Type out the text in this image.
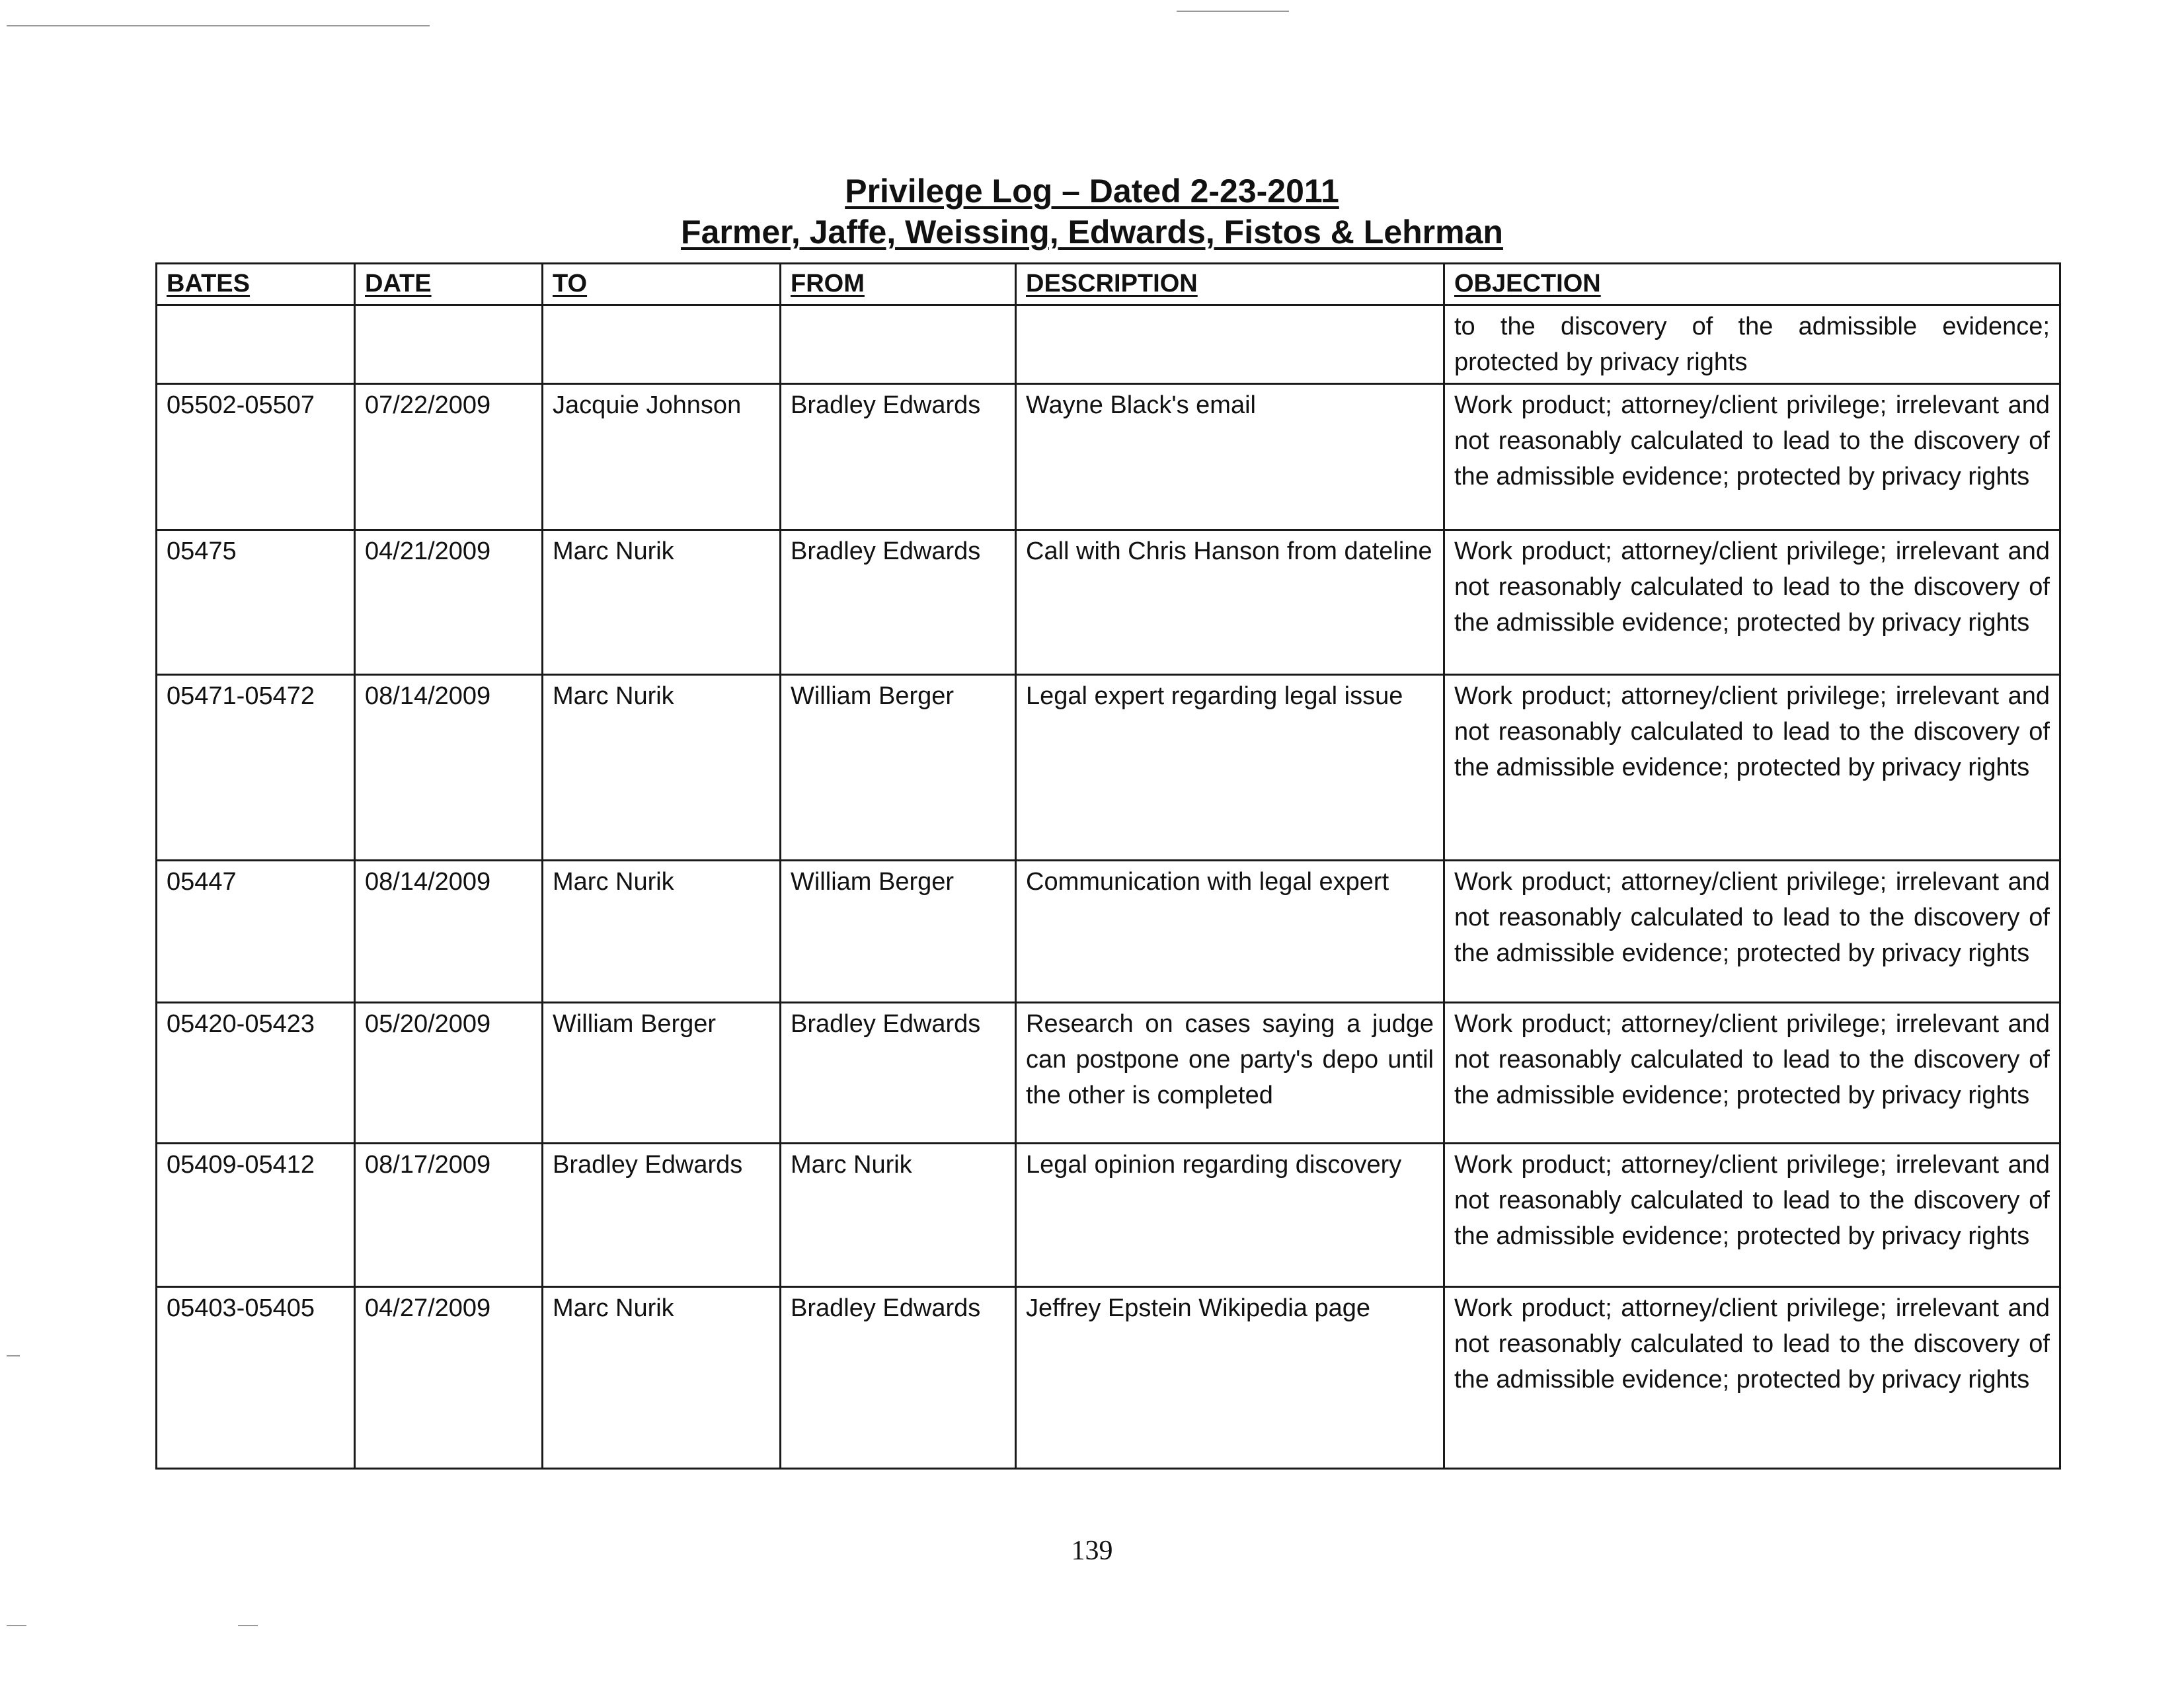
Privilege Log – Dated 2-23-2011
Farmer, Jaffe, Weissing, Edwards, Fistos & Lehrman
BATES	DATE	TO	FROM	DESCRIPTION	OBJECTION
					to the discovery of the admissible evidence; protected by privacy rights
05502-05507	07/22/2009	Jacquie Johnson	Bradley Edwards	Wayne Black's email	Work product; attorney/client privilege; irrelevant and not reasonably calculated to lead to the discovery of the admissible evidence; protected by privacy rights
05475	04/21/2009	Marc Nurik	Bradley Edwards	Call with Chris Hanson from dateline	Work product; attorney/client privilege; irrelevant and not reasonably calculated to lead to the discovery of the admissible evidence; protected by privacy rights
05471-05472	08/14/2009	Marc Nurik	William Berger	Legal expert regarding legal issue	Work product; attorney/client privilege; irrelevant and not reasonably calculated to lead to the discovery of the admissible evidence; protected by privacy rights
05447	08/14/2009	Marc Nurik	William Berger	Communication with legal expert	Work product; attorney/client privilege; irrelevant and not reasonably calculated to lead to the discovery of the admissible evidence; protected by privacy rights
05420-05423	05/20/2009	William Berger	Bradley Edwards	Research on cases saying a judge can postpone one party's depo until the other is completed	Work product; attorney/client privilege; irrelevant and not reasonably calculated to lead to the discovery of the admissible evidence; protected by privacy rights
05409-05412	08/17/2009	Bradley Edwards	Marc Nurik	Legal opinion regarding discovery	Work product; attorney/client privilege; irrelevant and not reasonably calculated to lead to the discovery of the admissible evidence; protected by privacy rights
05403-05405	04/27/2009	Marc Nurik	Bradley Edwards	Jeffrey Epstein Wikipedia page	Work product; attorney/client privilege; irrelevant and not reasonably calculated to lead to the discovery of the admissible evidence; protected by privacy rights
139
